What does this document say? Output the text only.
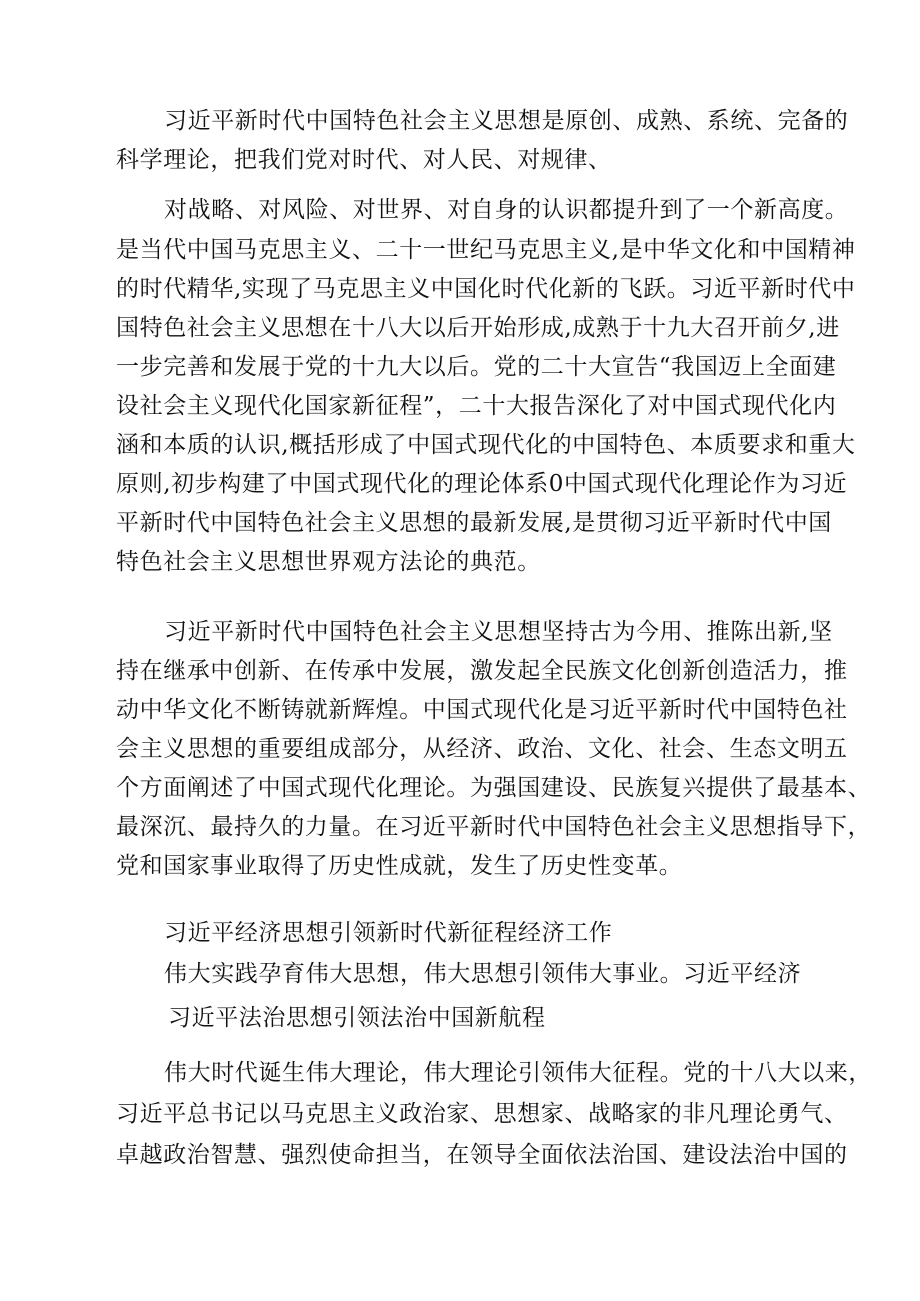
习近平新时代中国特色社会主义思想是原创、成熟、系统、完备的
科学理论，把我们党对时代、对人民、对规律、
对战略、对风险、对世界、对自身的认识都提升到了一个新高度。
是当代中国马克思主义、二十一世纪马克思主义,是中华文化和中国精神
的时代精华,实现了马克思主义中国化时代化新的飞跃。习近平新时代中
国特色社会主义思想在十八大以后开始形成,成熟于十九大召开前夕,进
一步完善和发展于党的十九大以后。党的二十大宣告“我国迈上全面建
设社会主义现代化国家新征程”，二十大报告深化了对中国式现代化内
涵和本质的认识,概括形成了中国式现代化的中国特色、本质要求和重大
原则,初步构建了中国式现代化的理论体系0中国式现代化理论作为习近
平新时代中国特色社会主义思想的最新发展,是贯彻习近平新时代中国
特色社会主义思想世界观方法论的典范。
习近平新时代中国特色社会主义思想坚持古为今用、推陈出新,坚
持在继承中创新、在传承中发展，激发起全民族文化创新创造活力，推
动中华文化不断铸就新辉煌。中国式现代化是习近平新时代中国特色社
会主义思想的重要组成部分，从经济、政治、文化、社会、生态文明五
个方面阐述了中国式现代化理论。为强国建设、民族复兴提供了最基本、
最深沉、最持久的力量。在习近平新时代中国特色社会主义思想指导下，
党和国家事业取得了历史性成就，发生了历史性变革。
习近平经济思想引领新时代新征程经济工作
伟大实践孕育伟大思想，伟大思想引领伟大事业。习近平经济
习近平法治思想引领法治中国新航程
伟大时代诞生伟大理论，伟大理论引领伟大征程。党的十八大以来，
习近平总书记以马克思主义政治家、思想家、战略家的非凡理论勇气、
卓越政治智慧、强烈使命担当，在领导全面依法治国、建设法治中国的
